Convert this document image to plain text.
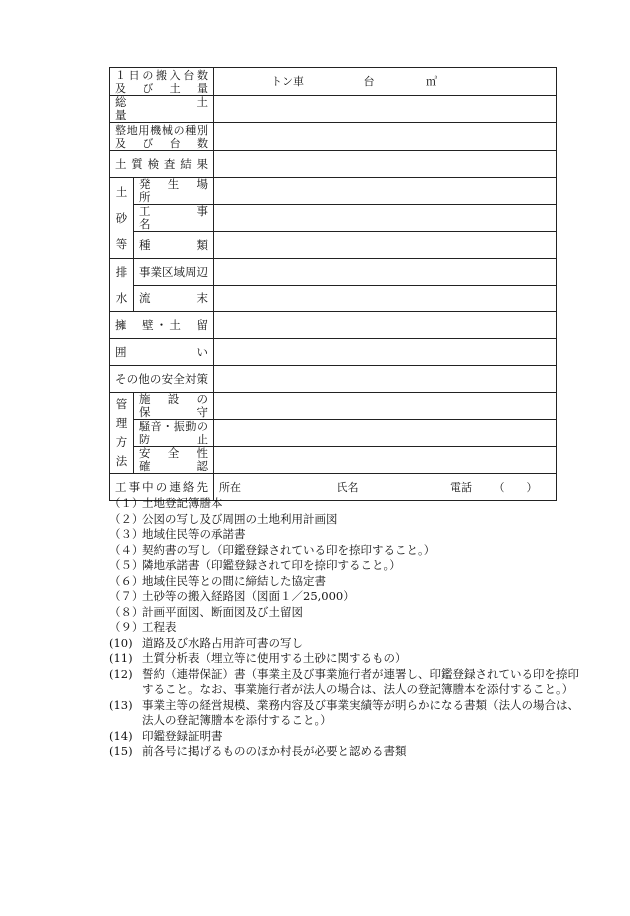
１日の搬入台数
及　び　土　量		トン車 台 ㎥
総　　　土　　　量		

整地用機械の種別
及　び　台　数		

土質検査結果		

土
砂
等	発　生　場　所	
	工　　事　　名	
	種　　　　類	

排
水	事業区域周辺	
	流　　　　末	
擁　壁・土　留		
囲　　　　　　い		
その他の安全対策		

管
理
方
法	施　設　の　保　守	

	騒音・振動の
防　　　　止	

	安　全　性　確　認	
工事中の連絡先		所在 氏名 電話 （　　）
（１）
土地登記簿謄本
（２）
公図の写し及び周囲の土地利用計画図
（３）
地域住民等の承諾書
（４）
契約書の写し（印鑑登録されている印を捺印すること。）
（５）
隣地承諾書（印鑑登録されて印を捺印すること。）
（６）
地域住民等との間に締結した協定書
（７）
土砂等の搬入経路図（図面１／25,000）
（８）
計画平面図、断面図及び土留図
（９）
工程表
(10) 道路及び水路占用許可書の写し
(11) 土質分析表（埋立等に使用する土砂に関するもの）
(12) 誓約（連帯保証）書（事業主及び事業施行者が連署し、印鑑登録されている印を捺印すること。なお、事業施行者が法人の場合は、法人の登記簿謄本を添付すること。）
(13) 事業主等の経営規模、業務内容及び事業実績等が明らかになる書類（法人の場合は、法人の登記簿謄本を添付すること。）
(14) 印鑑登録証明書
(15) 前各号に掲げるもののほか村長が必要と認める書類
